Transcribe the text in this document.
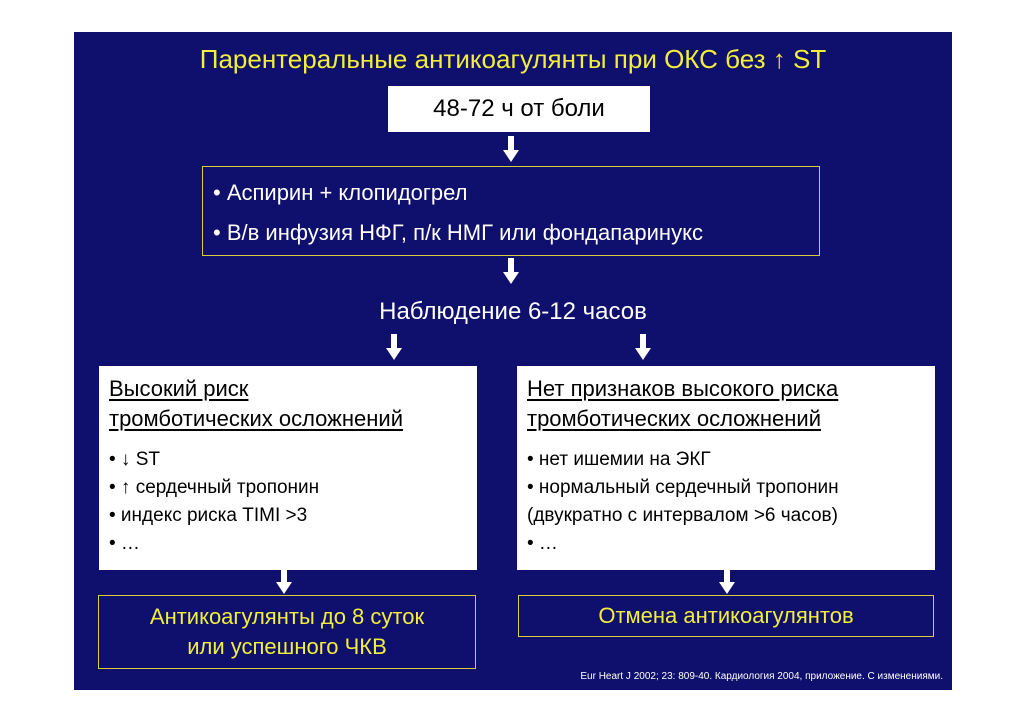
Парентеральные антикоагулянты при ОКС без ↑ ST
48-72 ч от боли
• Аспирин + клопидогрел
• В/в инфузия НФГ, п/к НМГ или фондапаринукс
Наблюдение 6-12 часов
Высокий риск
тромботических осложнений
• ↓ ST
• ↑ сердечный тропонин
• индекс риска TIMI >3
• …
Нет признаков высокого риска
тромботических осложнений
• нет ишемии на ЭКГ
• нормальный сердечный тропонин
(двукратно с интервалом >6 часов)
• …
Антикоагулянты до 8 суток
или успешного ЧКВ
Отмена антикоагулянтов
Eur Heart J 2002; 23: 809-40. Кардиология 2004, приложение. С изменениями.
